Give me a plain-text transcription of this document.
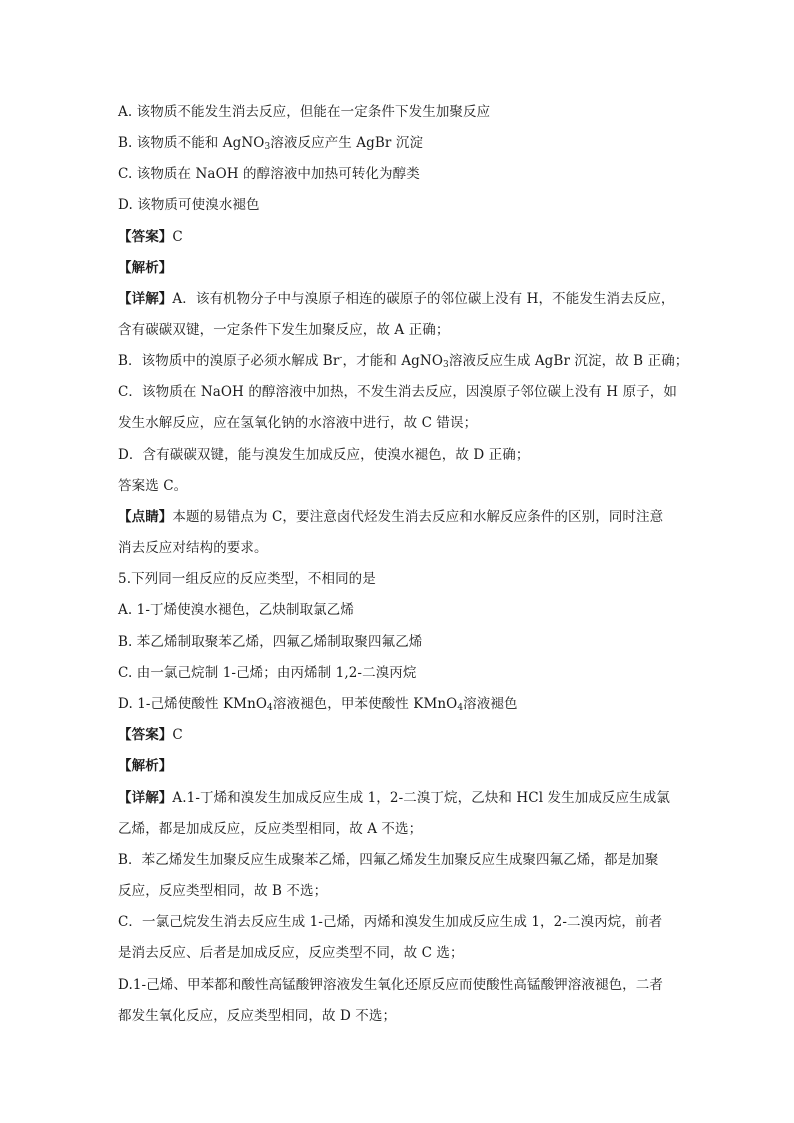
A. 该物质不能发生消去反应，但能在一定条件下发生加聚反应
B. 该物质不能和 AgNO$_3$溶液反应产生 AgBr 沉淀
C. 该物质在 NaOH 的醇溶液中加热可转化为醇类
D. 该物质可使溴水褪色
【答案】C
【解析】
【详解】A．该有机物分子中与溴原子相连的碳原子的邻位碳上没有 H，不能发生消去反应，
含有碳碳双键，一定条件下发生加聚反应，故 A 正确；
B．该物质中的溴原子必须水解成 Br-，才能和 AgNO$_3$溶液反应生成 AgBr 沉淀，故 B 正确；
C．该物质在 NaOH 的醇溶液中加热，不发生消去反应，因溴原子邻位碳上没有 H 原子，如
发生水解反应，应在氢氧化钠的水溶液中进行，故 C 错误；
D．含有碳碳双键，能与溴发生加成反应，使溴水褪色，故 D 正确；
答案选 C。
【点睛】本题的易错点为 C，要注意卤代烃发生消去反应和水解反应条件的区别，同时注意
消去反应对结构的要求。
5.下列同一组反应的反应类型，不相同的是
A. 1-丁烯使溴水褪色，乙炔制取氯乙烯
B. 苯乙烯制取聚苯乙烯，四氟乙烯制取聚四氟乙烯
C. 由一氯己烷制 1-己烯；由丙烯制 1,2-二溴丙烷
D. 1-己烯使酸性 KMnO$_4$溶液褪色，甲苯使酸性 KMnO$_4$溶液褪色
【答案】C
【解析】
【详解】A.1-丁烯和溴发生加成反应生成 1，2-二溴丁烷，乙炔和 HCl 发生加成反应生成氯
乙烯，都是加成反应，反应类型相同，故 A 不选；
B．苯乙烯发生加聚反应生成聚苯乙烯，四氟乙烯发生加聚反应生成聚四氟乙烯，都是加聚
反应，反应类型相同，故 B 不选；
C．一氯己烷发生消去反应生成 1-己烯，丙烯和溴发生加成反应生成 1，2-二溴丙烷，前者
是消去反应、后者是加成反应，反应类型不同，故 C 选；
D.1-己烯、甲苯都和酸性高锰酸钾溶液发生氧化还原反应而使酸性高锰酸钾溶液褪色，二者
都发生氧化反应，反应类型相同，故 D 不选；
